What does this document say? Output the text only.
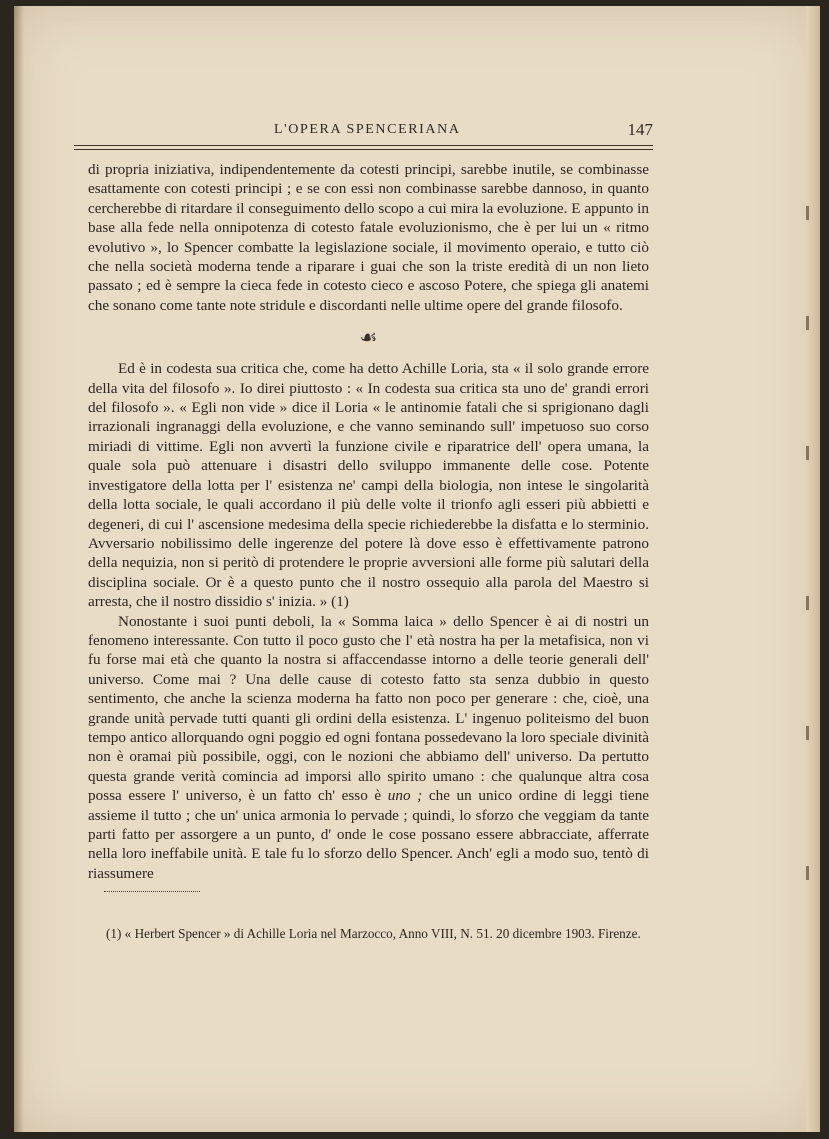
L'OPERA SPENCERIANA	147

di propria iniziativa, indipendentemente da cotesti principi, sarebbe inutile, se combinasse esattamente con cotesti principi ; e se con essi non combinasse sarebbe dannoso, in quanto cercherebbe di ritardare il conseguimento dello scopo a cui mira la evoluzione. E appunto in base alla fede nella onnipotenza di cotesto fatale evoluzionismo, che è per lui un « ritmo evolutivo », lo Spencer combatte la legislazione sociale, il movimento operaio, e tutto ciò che nella società moderna tende a riparare i guai che son la triste eredità di un non lieto passato ; ed è sempre la cieca fede in cotesto cieco e ascoso Potere, che spiega gli anatemi che sonano come tante note stridule e discordanti nelle ultime opere del grande filosofo.

☙

Ed è in codesta sua critica che, come ha detto Achille Loria, sta « il solo grande errore della vita del filosofo ». Io direi piuttosto : « In codesta sua critica sta uno de' grandi errori del filosofo ». « Egli non vide » dice il Loria « le antinomie fatali che si sprigionano dagli irrazionali ingranaggi della evoluzione, e che vanno seminando sull' impetuoso suo corso miriadi di vittime. Egli non avvertì la funzione civile e riparatrice dell' opera umana, la quale sola può attenuare i disastri dello sviluppo immanente delle cose. Potente investigatore della lotta per l' esistenza ne' campi della biologia, non intese le singolarità della lotta sociale, le quali accordano il più delle volte il trionfo agli esseri più abbietti e degeneri, di cui l' ascensione medesima della specie richiederebbe la disfatta e lo sterminio. Avversario nobilissimo delle ingerenze del potere là dove esso è effettivamente patrono della nequizia, non si peritò di protendere le proprie avversioni alle forme più salutari della disciplina sociale. Or è a questo punto che il nostro ossequio alla parola del Maestro si arresta, che il nostro dissidio s' inizia. » (1)

Nonostante i suoi punti deboli, la « Somma laica » dello Spencer è ai di nostri un fenomeno interessante. Con tutto il poco gusto che l' età nostra ha per la metafisica, non vi fu forse mai età che quanto la nostra si affaccendasse intorno a delle teorie generali dell' universo. Come mai ? Una delle cause di cotesto fatto sta senza dubbio in questo sentimento, che anche la scienza moderna ha fatto non poco per generare : che, cioè, una grande unità pervade tutti quanti gli ordini della esistenza. L' ingenuo politeismo del buon tempo antico allorquando ogni poggio ed ogni fontana possedevano la loro speciale divinità non è oramai più possibile, oggi, con le nozioni che abbiamo dell' universo. Da pertutto questa grande verità comincia ad imporsi allo spirito umano : che qualunque altra cosa possa essere l' universo, è un fatto ch' esso è uno ; che un unico ordine di leggi tiene assieme il tutto ; che un' unica armonia lo pervade ; quindi, lo sforzo che veggiam da tante parti fatto per assorgere a un punto, d' onde le cose possano essere abbracciate, afferrate nella loro ineffabile unità. E tale fu lo sforzo dello Spencer. Anch' egli a modo suo, tentò di riassumere

(1) « Herbert Spencer » di Achille Loria nel Marzocco, Anno VIII, N. 51. 20 dicembre 1903. Firenze.
